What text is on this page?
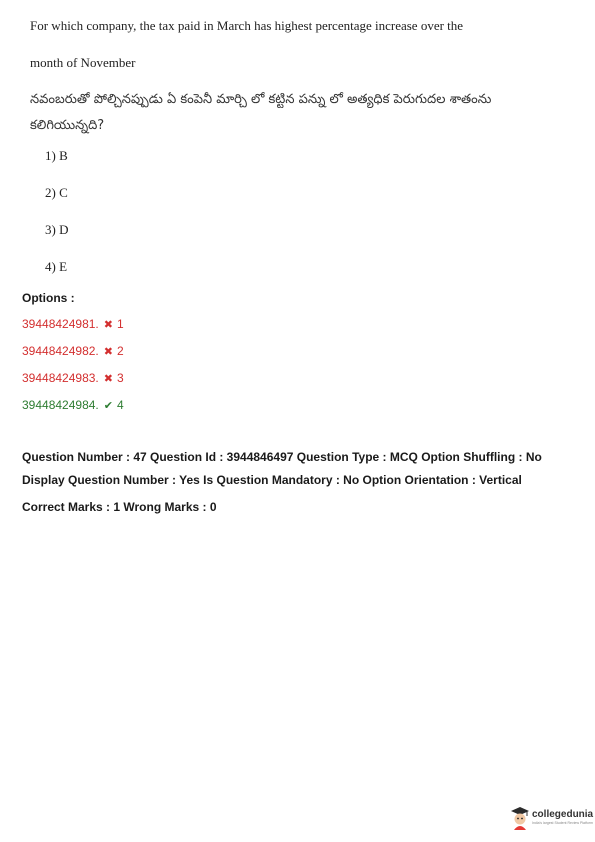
For which company, the tax paid in March has highest percentage increase over the
month of November
నవంబరుతో పోల్చినప్పుడు ఏ కంపెనీ మార్చి లో కట్టిన పన్ను లో అత్యధిక పెరుగుదల శాతంను
కలిగియున్నది?
1) B
2) C
3) D
4) E
Options :
39448424981. ✖ 1
39448424982. ✖ 2
39448424983. ✖ 3
39448424984. ✔ 4
Question Number : 47 Question Id : 3944846497 Question Type : MCQ Option Shuffling : No
Display Question Number : Yes Is Question Mandatory : No Option Orientation : Vertical
Correct Marks : 1 Wrong Marks : 0
collegedunia
India's largest Student Review Platform
